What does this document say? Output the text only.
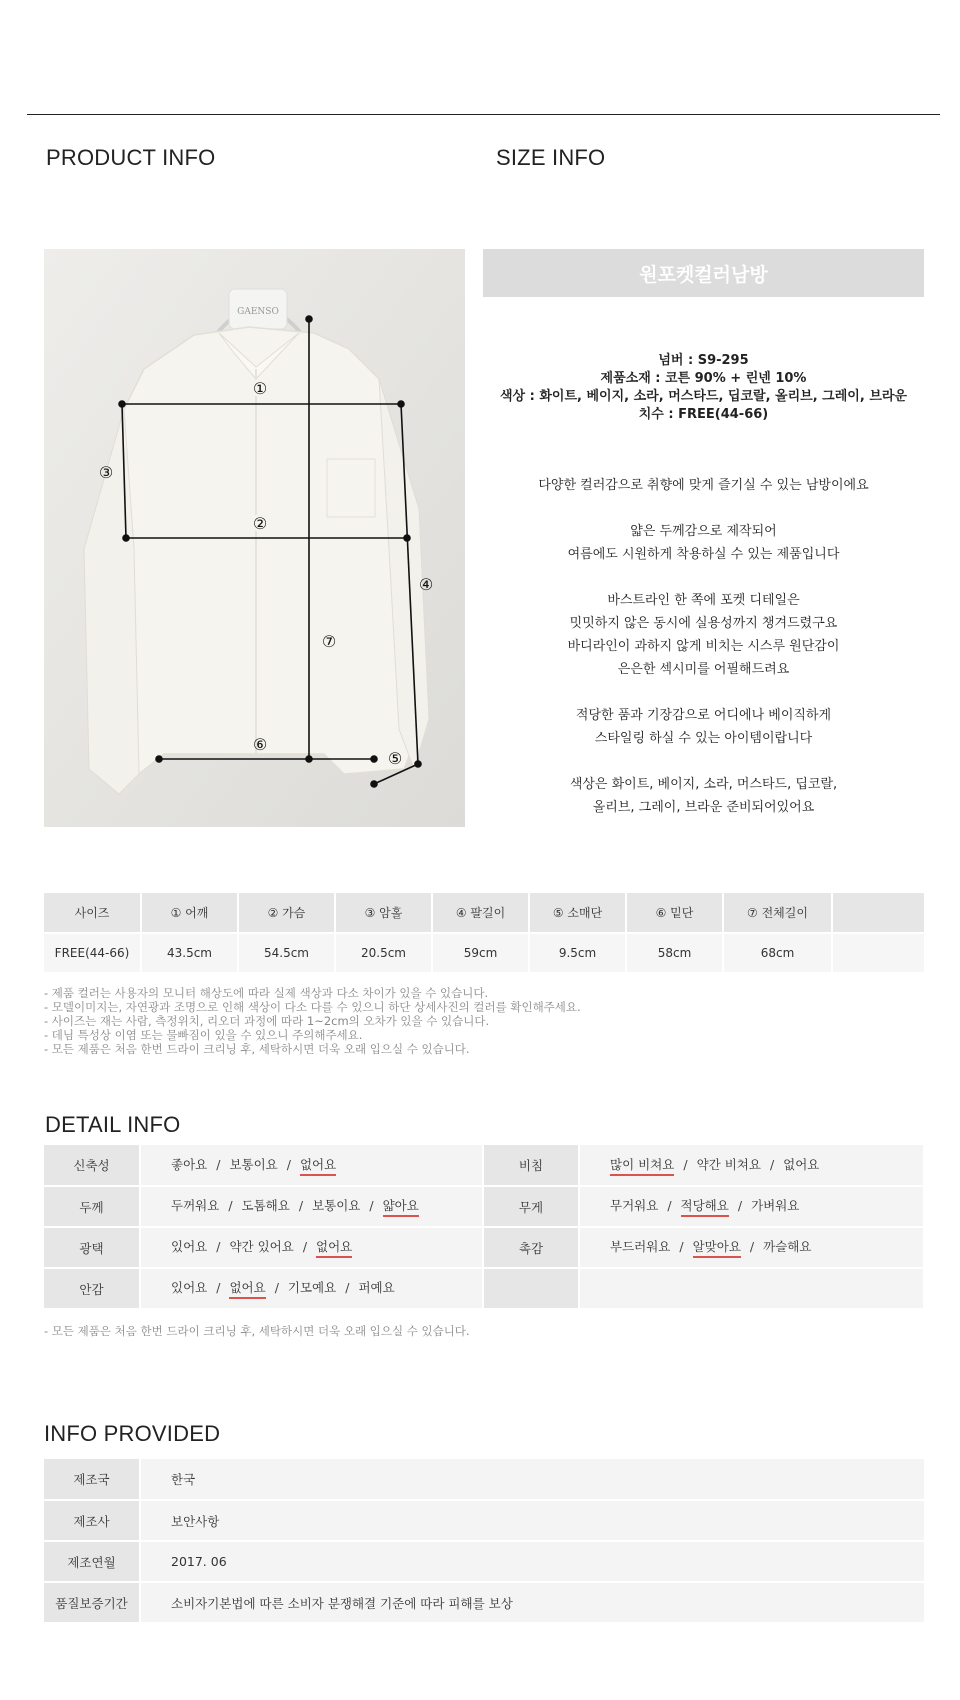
PRODUCT INFO	SIZE INFO
GAENSO
①
②
③
④
⑤
⑥
⑦
원포켓컬러남방
넘버 : S9-295
제품소재 : 코튼 90% + 린넨 10%
색상 : 화이트, 베이지, 소라, 머스타드, 딥코랄, 올리브, 그레이, 브라운
치수 : FREE(44-66)
다양한 컬러감으로 취향에 맞게 즐기실 수 있는 남방이에요
얇은 두께감으로 제작되어
여름에도 시원하게 착용하실 수 있는 제품입니다
바스트라인 한 쪽에 포켓 디테일은
밋밋하지 않은 동시에 실용성까지 챙겨드렸구요
바디라인이 과하지 않게 비치는 시스루 원단감이
은은한 섹시미를 어필해드려요
적당한 품과 기장감으로 어디에나 베이직하게
스타일링 하실 수 있는 아이템이랍니다
색상은 화이트, 베이지, 소라, 머스타드, 딥코랄,
올리브, 그레이, 브라운 준비되어있어요
사이즈	① 어깨	② 가슴	③ 암홀	④ 팔길이	⑤ 소매단	⑥ 밑단	⑦ 전체길이	
FREE(44-66)	43.5cm	54.5cm	20.5cm	59cm	9.5cm	58cm	68cm	
- 제품 컬러는 사용자의 모니터 해상도에 따라 실제 색상과 다소 차이가 있을 수 있습니다.
- 모델이미지는, 자연광과 조명으로 인해 색상이 다소 다를 수 있으니 하단 상세사진의 컬러를 확인해주세요.
- 사이즈는 재는 사람, 측정위치, 리오더 과정에 따라 1~2cm의 오차가 있을 수 있습니다.
- 데님 특성상 이염 또는 물빠짐이 있을 수 있으니 주의해주세요.
- 모든 제품은 처음 한번 드라이 크리닝 후, 세탁하시면 더욱 오래 입으실 수 있습니다.
DETAIL INFO
신축성	좋아요 / 보통이요 / 없어요	비침	많이 비쳐요 / 약간 비쳐요 / 없어요
두께	두꺼워요 / 도톰해요 / 보통이요 / 얇아요	무게	무거워요 / 적당해요 / 가벼워요
광택	있어요 / 약간 있어요 / 없어요	촉감	부드러워요 / 알맞아요 / 까슬해요
안감	있어요 / 없어요 / 기모예요 / 퍼예요		
- 모든 제품은 처음 한번 드라이 크리닝 후, 세탁하시면 더욱 오래 입으실 수 있습니다.
INFO PROVIDED
제조국	한국
제조사	보안사항
제조연월	2017. 06
품질보증기간	소비자기본법에 따른 소비자 분쟁해결 기준에 따라 피해를 보상
